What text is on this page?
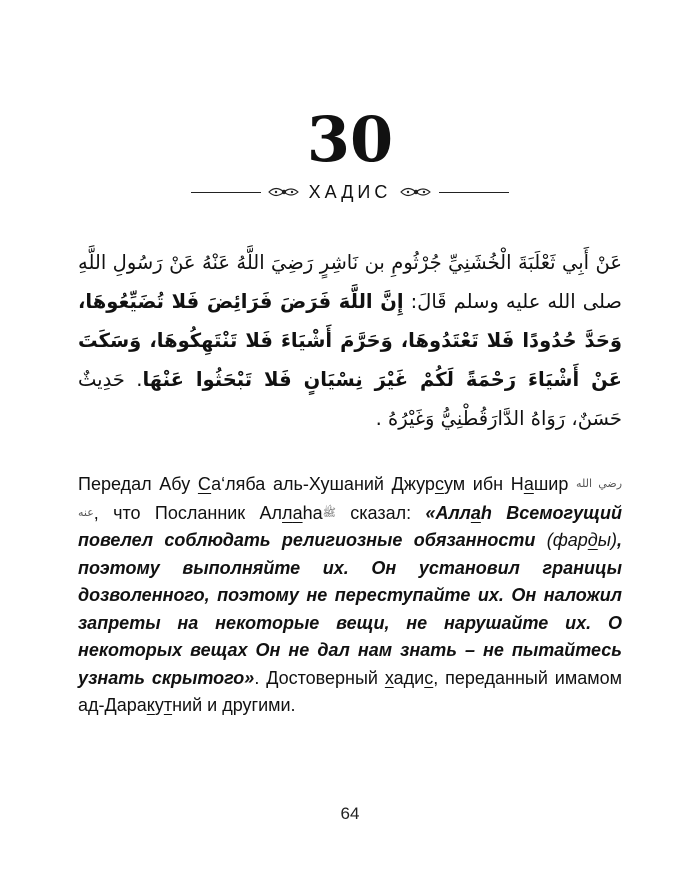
30
ХАДИС
عَنْ أَبِي ثَعْلَبَةَ الْخُشَنِيِّ جُرْثُومِ بن نَاشِرٍ رَضِيَ اللَّهُ عَنْهُ عَنْ رَسُولِ اللَّهِ صلى الله عليه وسلم قَالَ: إِنَّ اللَّهَ فَرَضَ فَرَائِضَ فَلا تُضَيِّعُوهَا، وَحَدَّ حُدُودًا فَلا تَعْتَدُوهَا، وَحَرَّمَ أَشْيَاءَ فَلا تَنْتَهِكُوهَا، وَسَكَتَ عَنْ أَشْيَاءَ رَحْمَةً لَكُمْ غَيْرَ نِسْيَانٍ فَلا تَبْحَثُوا عَنْهَا. حَدِيثٌ حَسَنٌ، رَوَاهُ الدَّارَقُطْنِيُّ وَغَيْرُهُ .
Передал Абу Са‘ляба аль-Хушаний Джурсум ибн Нашир رضي الله عنه, что Посланник Аллаһаﷺ сказал: «Аллаh Всемогущий повелел соблюдать религиозные обязанности (фарды), поэтому выполняйте их. Он установил границы дозволенного, поэтому не переступайте их. Он наложил запреты на некоторые вещи, не нарушайте их. О некоторых вещах Он не дал нам знать – не пытайтесь узнать скрытого». Достоверный хадис, переданный имамом ад-Даракутний и другими.
64
